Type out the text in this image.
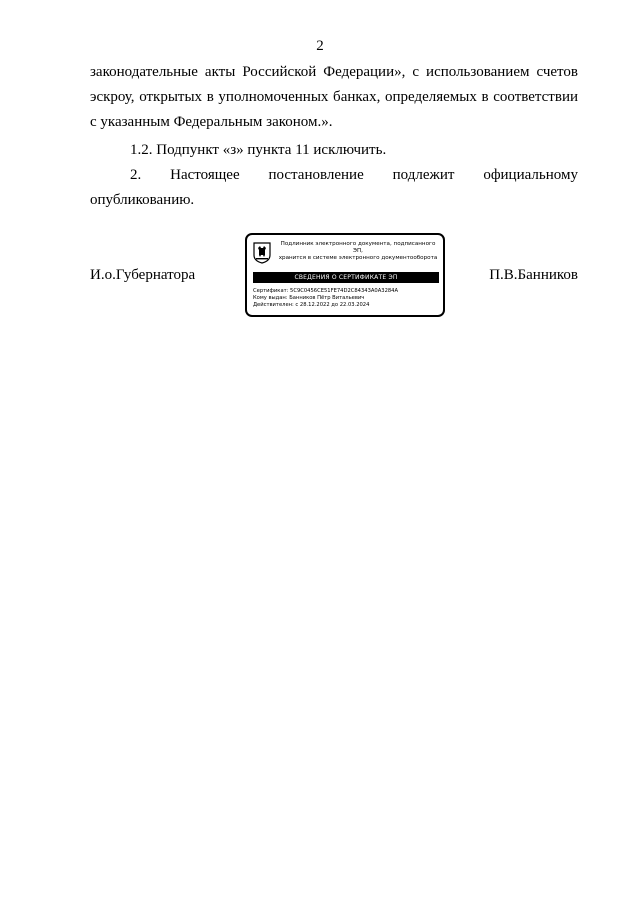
2
законодательные акты Российской Федерации», с использованием счетов эскроу, открытых в уполномоченных банках, определяемых в соответствии с указанным Федеральным законом.».
1.2. Подпункт «з» пункта 11 исключить.
2. Настоящее постановление подлежит официальному
опубликованию.
И.о.Губернатора
Подлинник электронного документа, подписанного ЭП,
хранится в системе электронного документооборота
СВЕДЕНИЯ О СЕРТИФИКАТЕ ЭП
Сертификат: 5C9C0456CE51FE74D2C84343A0A3284A
Кому выдан: Банников Пётр Витальевич
Действителен: с 28.12.2022 до 22.03.2024
П.В.Банников
